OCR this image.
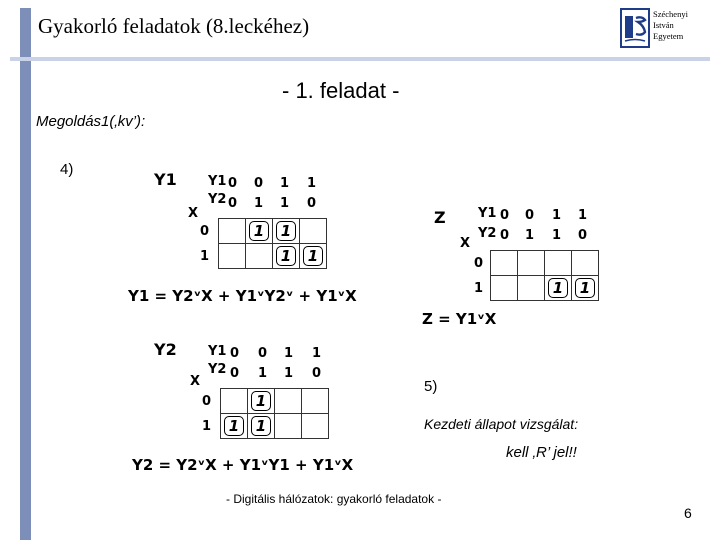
Gyakorló feladatok (8.leckéhez)	Széchenyi
István
Egyetem
- 1. feladat -
Megoldás1(‚kv’):
4)
Y1 Y1
Y2
X
0 0 1 1
0 1 1 0
0
1
	1	1	
		1	1
Y1 = Y2ᵛX + Y1ᵛY2ᵛ + Y1ᵛX
Z Y1
Y2
X
0 0 1 1
0 1 1 0
0
1

			1	1
Z = Y1ᵛX
Y2 Y1
Y2
X
0 0 1 1
0 1 1 0
0
1
	1		
1	1		
Y2 = Y2ᵛX + Y1ᵛY1 + Y1ᵛX
5)
Kezdeti állapot vizsgálat:
kell ‚R’ jel!!
- Digitális hálózatok: gyakorló feladatok -
6
